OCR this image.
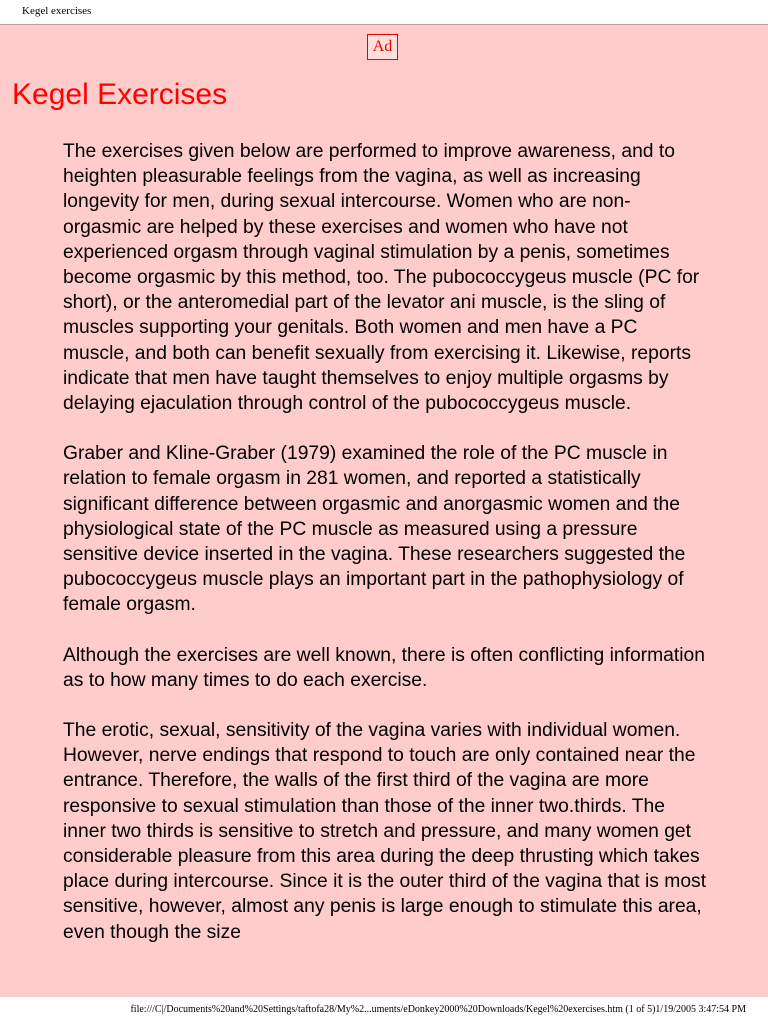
Kegel exercises
Ad
Kegel Exercises

The exercises given below are performed to improve awareness, and to heighten pleasurable feelings from the vagina, as well as increasing longevity for men, during sexual intercourse. Women who are non-orgasmic are helped by these exercises and women who have not experienced orgasm through vaginal stimulation by a penis, sometimes become orgasmic by this method, too. The pubococcygeus muscle (PC for short), or the anteromedial part of the levator ani muscle, is the sling of muscles supporting your genitals. Both women and men have a PC muscle, and both can benefit sexually from exercising it. Likewise, reports indicate that men have taught themselves to enjoy multiple orgasms by delaying ejaculation through control of the pubococcygeus muscle.

Graber and Kline-Graber (1979) examined the role of the PC muscle in relation to female orgasm in 281 women, and reported a statistically significant difference between orgasmic and anorgasmic women and the physiological state of the PC muscle as measured using a pressure sensitive device inserted in the vagina. These researchers suggested the pubococcygeus muscle plays an important part in the pathophysiology of female orgasm.

Although the exercises are well known, there is often conflicting information as to how many times to do each exercise.

The erotic, sexual, sensitivity of the vagina varies with individual women. However, nerve endings that respond to touch are only contained near the entrance. Therefore, the walls of the first third of the vagina are more responsive to sexual stimulation than those of the inner two.thirds. The inner two thirds is sensitive to stretch and pressure, and many women get considerable pleasure from this area during the deep thrusting which takes place during intercourse. Since it is the outer third of the vagina that is most sensitive, however, almost any penis is large enough to stimulate this area, even though the size

file:///C|/Documents%20and%20Settings/taftofa28/My%2...uments/eDonkey2000%20Downloads/Kegel%20exercises.htm (1 of 5)1/19/2005 3:47:54 PM
